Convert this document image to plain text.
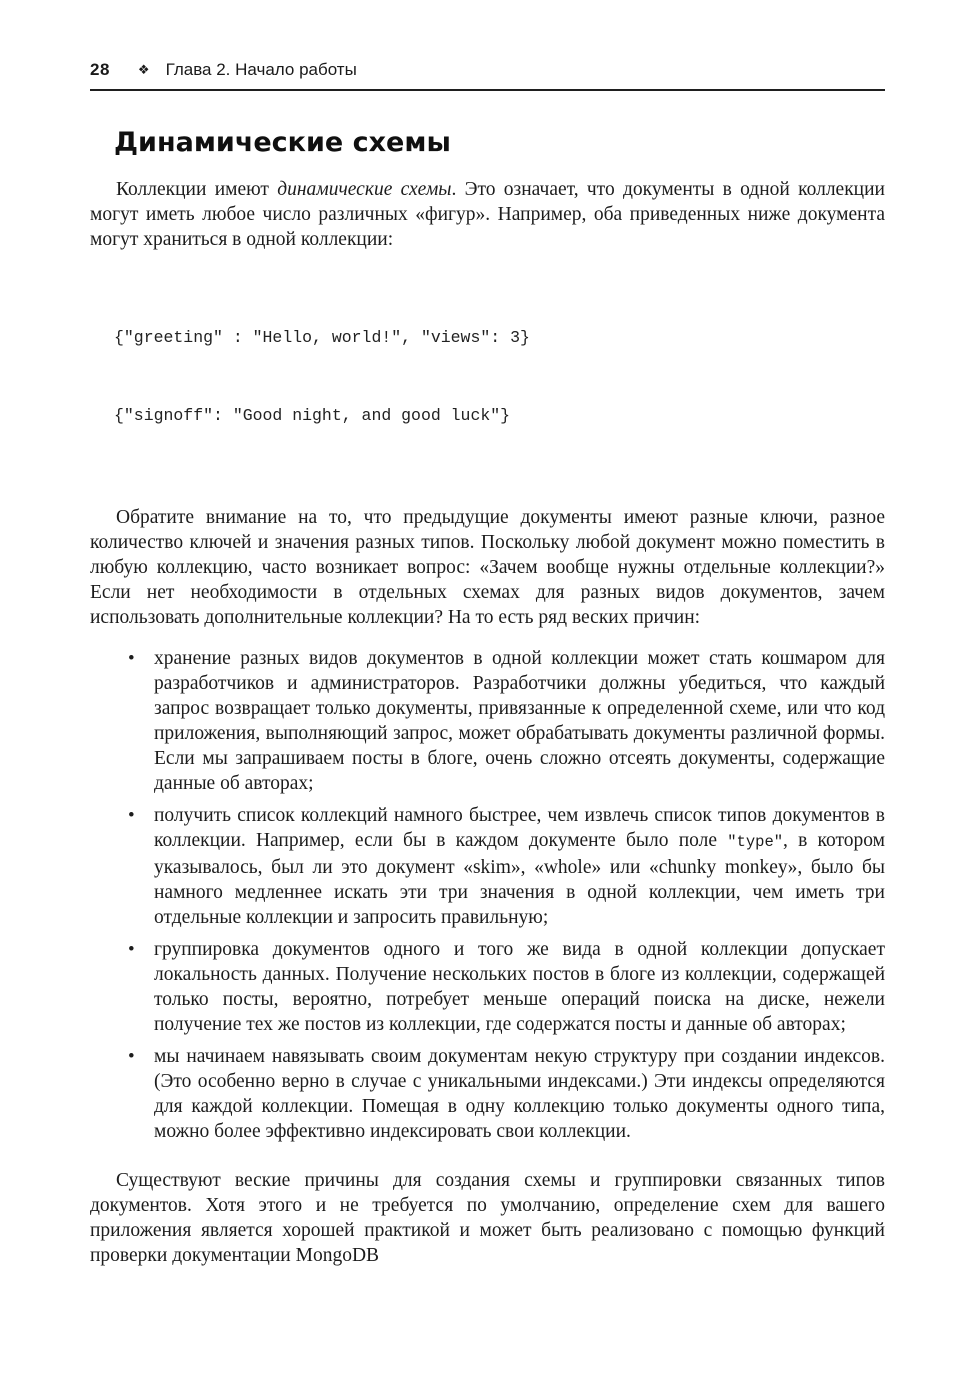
28 ❖ Глава 2. Начало работы
Динамические схемы

Коллекции имеют динамические схемы. Это означает, что документы в одной коллекции могут иметь любое число различных «фигур». Например, оба приведенных ниже документа могут храниться в одной коллекции:

{"greeting" : "Hello, world!", "views": 3}

{"signoff": "Good night, and good luck"}

Обратите внимание на то, что предыдущие документы имеют разные ключи, разное количество ключей и значения разных типов. Поскольку любой документ можно поместить в любую коллекцию, часто возникает вопрос: «Зачем вообще нужны отдельные коллекции?» Если нет необходимости в отдельных схемах для разных видов документов, зачем использовать дополнительные коллекции? На то есть ряд веских причин:

• хранение разных видов документов в одной коллекции может стать кошмаром для разработчиков и администраторов. Разработчики должны убедиться, что каждый запрос возвращает только документы, привязанные к определенной схеме, или что код приложения, выполняющий запрос, может обрабатывать документы различной формы. Если мы запрашиваем посты в блоге, очень сложно отсеять документы, содержащие данные об авторах;
• получить список коллекций намного быстрее, чем извлечь список типов документов в коллекции. Например, если бы в каждом документе было поле "type", в котором указывалось, был ли это документ «skim», «whole» или «chunky monkey», было бы намного медленнее искать эти три значения в одной коллекции, чем иметь три отдельные коллекции и запросить правильную;
• группировка документов одного и того же вида в одной коллекции допускает локальность данных. Получение нескольких постов в блоге из коллекции, содержащей только посты, вероятно, потребует меньше операций поиска на диске, нежели получение тех же постов из коллекции, где содержатся посты и данные об авторах;
• мы начинаем навязывать своим документам некую структуру при создании индексов. (Это особенно верно в случае с уникальными индексами.) Эти индексы определяются для каждой коллекции. Помещая в одну коллекцию только документы одного типа, можно более эффективно индексировать свои коллекции.

Существуют веские причины для создания схемы и группировки связанных типов документов. Хотя этого и не требуется по умолчанию, определение схем для вашего приложения является хорошей практикой и может быть реализовано с помощью функций проверки документации MongoDB
